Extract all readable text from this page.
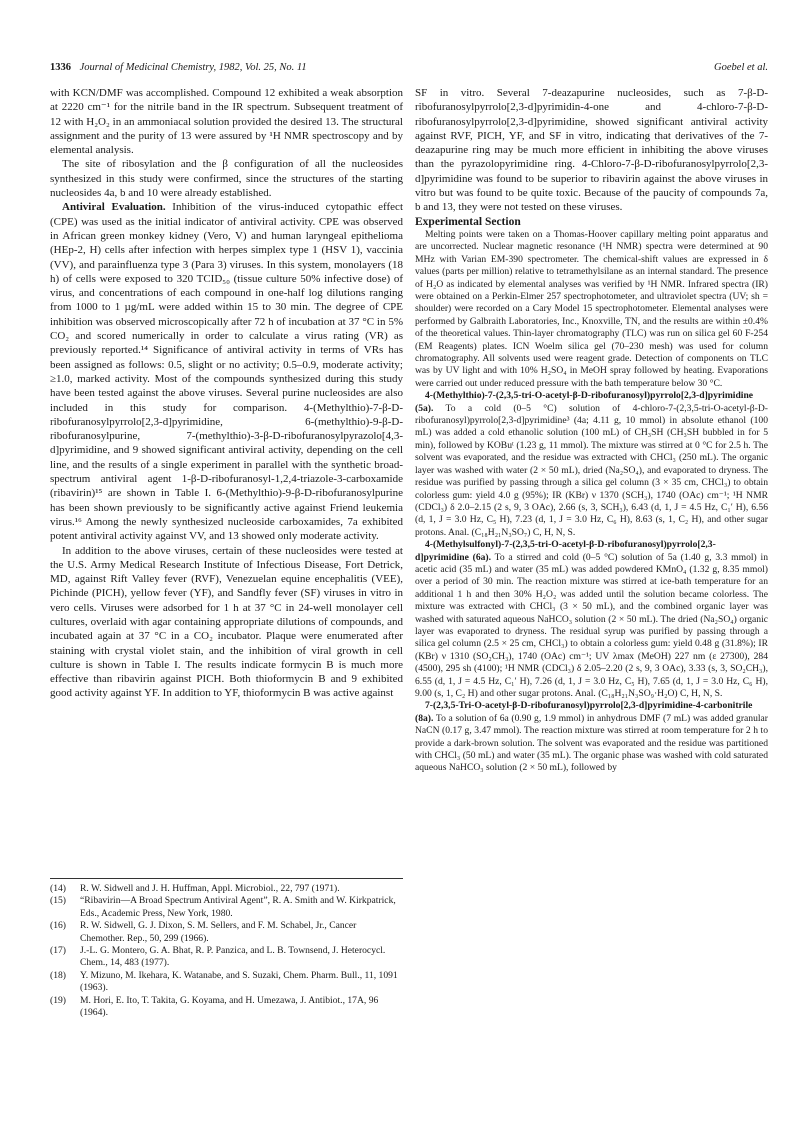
1336 Journal of Medicinal Chemistry, 1982, Vol. 25, No. 11	Goebel et al.

with KCN/DMF was accomplished. Compound 12 exhibited a weak absorption at 2220 cm⁻¹ for the nitrile band in the IR spectrum. Subsequent treatment of 12 with H₂O₂ in an ammoniacal solution provided the desired 13. The structural assignment and the purity of 13 were assured by ¹H NMR spectroscopy and by elemental analysis.

The site of ribosylation and the β configuration of all the nucleosides synthesized in this study were confirmed, since the structures of the starting nucleosides 4a, b and 10 were already established.

Antiviral Evaluation. Inhibition of the virus-induced cytopathic effect (CPE) was used as the initial indicator of antiviral activity. CPE was observed in African green monkey kidney (Vero, V) and human laryngeal epithelioma (HEp-2, H) cells after infection with herpes simplex type 1 (HSV 1), vaccinia (VV), and parainfluenza type 3 (Para 3) viruses. In this system, monolayers (18 h) of cells were exposed to 320 TCID₅₀ (tissue culture 50% infective dose) of virus, and concentrations of each compound in one-half log dilutions ranging from 1000 to 1 µg/mL were added within 15 to 30 min. The degree of CPE inhibition was observed microscopically after 72 h of incubation at 37 °C in 5% CO₂ and scored numerically in order to calculate a virus rating (VR) as previously reported.¹⁴ Significance of antiviral activity in terms of VRs has been assigned as follows: 0.5, slight or no activity; 0.5–0.9, moderate activity; ≥1.0, marked activity. Most of the compounds synthesized during this study have been tested against the above viruses. Several purine nucleosides are also included in this study for comparison. 4-(Methylthio)-7-β-D-ribofuranosylpyrrolo[2,3-d]pyrimidine, 6-(methylthio)-9-β-D-ribofuranosylpurine, 7-(methylthio)-3-β-D-ribofuranosylpyrazolo[4,3-d]pyrimidine, and 9 showed significant antiviral activity, depending on the cell line, and the results of a single experiment in parallel with the synthetic broad-spectrum antiviral agent 1-β-D-ribofuranosyl-1,2,4-triazole-3-carboxamide (ribavirin)¹⁵ are shown in Table I. 6-(Methylthio)-9-β-D-ribofuranosylpurine has been shown previously to be significantly active against Friend leukemia virus.¹⁶ Among the newly synthesized nucleoside carboxamides, 7a exhibited potent antiviral activity against VV, and 13 showed only moderate activity.

In addition to the above viruses, certain of these nucleosides were tested at the U.S. Army Medical Research Institute of Infectious Disease, Fort Detrick, MD, against Rift Valley fever (RVF), Venezuelan equine encephalitis (VEE), Pichinde (PICH), yellow fever (YF), and Sandfly fever (SF) viruses in vitro in vero cells. Viruses were adsorbed for 1 h at 37 °C in 24-well monolayer cell cultures, overlaid with agar containing appropriate dilutions of compounds, and incubated again at 37 °C in a CO₂ incubator. Plaque were enumerated after staining with crystal violet stain, and the inhibition of viral growth in cell culture is shown in Table I. The results indicate formycin B is much more effective than ribavirin against PICH. Both thioformycin B and 9 exhibited good activity against YF. In addition to YF, thioformycin B was active against

(14)	R. W. Sidwell and J. H. Huffman, Appl. Microbiol., 22, 797 (1971).
(15)	“Ribavirin—A Broad Spectrum Antiviral Agent”, R. A. Smith and W. Kirkpatrick, Eds., Academic Press, New York, 1980.
(16)	R. W. Sidwell, G. J. Dixon, S. M. Sellers, and F. M. Schabel, Jr., Cancer Chemother. Rep., 50, 299 (1966).
(17)	J.-L. G. Montero, G. A. Bhat, R. P. Panzica, and L. B. Townsend, J. Heterocycl. Chem., 14, 483 (1977).
(18)	Y. Mizuno, M. Ikehara, K. Watanabe, and S. Suzaki, Chem. Pharm. Bull., 11, 1091 (1963).
(19)	M. Hori, E. Ito, T. Takita, G. Koyama, and H. Umezawa, J. Antibiot., 17A, 96 (1964).

SF in vitro. Several 7-deazapurine nucleosides, such as 7-β-D-ribofuranosylpyrrolo[2,3-d]pyrimidin-4-one and 4-chloro-7-β-D-ribofuranosylpyrrolo[2,3-d]pyrimidine, showed significant antiviral activity against RVF, PICH, YF, and SF in vitro, indicating that derivatives of the 7-deazapurine ring may be much more efficient in inhibiting the above viruses than the pyrazolopyrimidine ring. 4-Chloro-7-β-D-ribofuranosylpyrrolo[2,3-d]pyrimidine was found to be superior to ribavirin against the above viruses in vitro but was found to be quite toxic. Because of the paucity of compounds 7a, b and 13, they were not tested on these viruses.

Experimental Section

Melting points were taken on a Thomas-Hoover capillary melting point apparatus and are uncorrected. Nuclear magnetic resonance (¹H NMR) spectra were determined at 90 MHz with Varian EM-390 spectrometer. The chemical-shift values are expressed in δ values (parts per million) relative to tetramethylsilane as an internal standard. The presence of H₂O as indicated by elemental analyses was verified by ¹H NMR. Infrared spectra (IR) were obtained on a Perkin-Elmer 257 spectrophotometer, and ultraviolet spectra (UV; sh = shoulder) were recorded on a Cary Model 15 spectrophotometer. Elemental analyses were performed by Galbraith Laboratories, Inc., Knoxville, TN, and the results are within ±0.4% of the theoretical values. Thin-layer chromatography (TLC) was run on silica gel 60 F-254 (EM Reagents) plates. ICN Woelm silica gel (70–230 mesh) was used for column chromatography. All solvents used were reagent grade. Detection of components on TLC was by UV light and with 10% H₂SO₄ in MeOH spray followed by heating. Evaporations were carried out under reduced pressure with the bath temperature below 30 °C.

4-(Methylthio)-7-(2,3,5-tri-O-acetyl-β-D-ribofuranosyl)pyrrolo[2,3-d]pyrimidine (5a). To a cold (0–5 °C) solution of 4-chloro-7-(2,3,5-tri-O-acetyl-β-D-ribofuranosyl)pyrrolo[2,3-d]pyrimidine³ (4a; 4.11 g, 10 mmol) in absolute ethanol (100 mL) was added a cold ethanolic solution (100 mL) of CH₃SH (CH₃SH bubbled in for 5 min), followed by KOBuᵗ (1.23 g, 11 mmol). The mixture was stirred at 0 °C for 2.5 h. The solvent was evaporated, and the residue was extracted with CHCl₃ (250 mL). The organic layer was washed with water (2 × 50 mL), dried (Na₂SO₄), and evaporated to dryness. The residue was purified by passing through a silica gel column (3 × 35 cm, CHCl₃) to obtain colorless gum: yield 4.0 g (95%); IR (KBr) ν 1370 (SCH₃), 1740 (OAc) cm⁻¹; ¹H NMR (CDCl₃) δ 2.0–2.15 (2 s, 9, 3 OAc), 2.66 (s, 3, SCH₃), 6.43 (d, 1, J = 4.5 Hz, C₁′ H), 6.56 (d, 1, J = 3.0 Hz, C₅ H), 7.23 (d, 1, J = 3.0 Hz, C₆ H), 8.63 (s, 1, C₂ H), and other sugar protons. Anal. (C₁₈H₂₁N₃SO₇) C, H, N, S.

4-(Methylsulfonyl)-7-(2,3,5-tri-O-acetyl-β-D-ribofuranosyl)pyrrolo[2,3-d]pyrimidine (6a). To a stirred and cold (0–5 °C) solution of 5a (1.40 g, 3.3 mmol) in acetic acid (35 mL) and water (35 mL) was added powdered KMnO₄ (1.32 g, 8.35 mmol) over a period of 30 min. The reaction mixture was stirred at ice-bath temperature for an additional 1 h and then 30% H₂O₂ was added until the solution became colorless. The mixture was extracted with CHCl₃ (3 × 50 mL), and the combined organic layer was washed with saturated aqueous NaHCO₃ solution (2 × 50 mL). The dried (Na₂SO₄) organic layer was evaporated to dryness. The residual syrup was purified by passing through a silica gel column (2.5 × 25 cm, CHCl₃) to obtain a colorless gum: yield 0.48 g (31.8%); IR (KBr) ν 1310 (SO₂CH₃), 1740 (OAc) cm⁻¹; UV λmax (MeOH) 227 nm (ε 27300), 284 (4500), 295 sh (4100); ¹H NMR (CDCl₃) δ 2.05–2.20 (2 s, 9, 3 OAc), 3.33 (s, 3, SO₂CH₃), 6.55 (d, 1, J = 4.5 Hz, C₁′ H), 7.26 (d, 1, J = 3.0 Hz, C₅ H), 7.65 (d, 1, J = 3.0 Hz, C₆ H), 9.00 (s, 1, C₂ H) and other sugar protons. Anal. (C₁₈H₂₁N₃SO₉·H₂O) C, H, N, S.

7-(2,3,5-Tri-O-acetyl-β-D-ribofuranosyl)pyrrolo[2,3-d]pyrimidine-4-carbonitrile (8a). To a solution of 6a (0.90 g, 1.9 mmol) in anhydrous DMF (7 mL) was added granular NaCN (0.17 g, 3.47 mmol). The reaction mixture was stirred at room temperature for 2 h to provide a dark-brown solution. The solvent was evaporated and the residue was partitioned with CHCl₃ (50 mL) and water (35 mL). The organic phase was washed with cold saturated aqueous NaHCO₃ solution (2 × 50 mL), followed by
